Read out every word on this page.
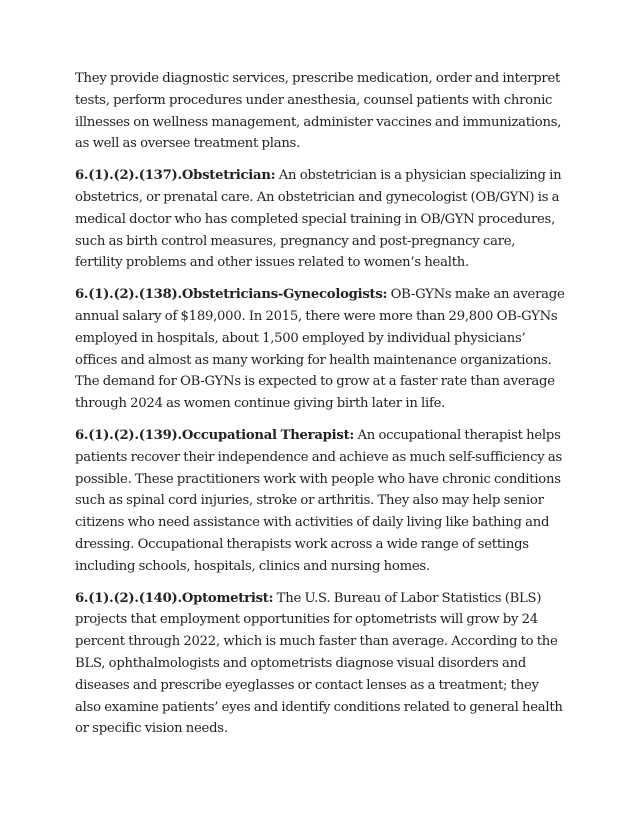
They provide diagnostic services, prescribe medication, order and interpret tests, perform procedures under anesthesia, counsel patients with chronic illnesses on wellness management, administer vaccines and immunizations, as well as oversee treatment plans.

6.(1).(2).(137).Obstetrician: An obstetrician is a physician specializing in obstetrics, or prenatal care. An obstetrician and gynecologist (OB/GYN) is a medical doctor who has completed special training in OB/GYN procedures, such as birth control measures, pregnancy and post-pregnancy care, fertility problems and other issues related to women’s health.

6.(1).(2).(138).Obstetricians-Gynecologists: OB-GYNs make an average annual salary of $189,000. In 2015, there were more than 29,800 OB-GYNs employed in hospitals, about 1,500 employed by individual physicians’ offices and almost as many working for health maintenance organizations. The demand for OB-GYNs is expected to grow at a faster rate than average through 2024 as women continue giving birth later in life.

6.(1).(2).(139).Occupational Therapist: An occupational therapist helps patients recover their independence and achieve as much self-sufficiency as possible. These practitioners work with people who have chronic conditions such as spinal cord injuries, stroke or arthritis. They also may help senior citizens who need assistance with activities of daily living like bathing and dressing. Occupational therapists work across a wide range of settings including schools, hospitals, clinics and nursing homes.

6.(1).(2).(140).Optometrist: The U.S. Bureau of Labor Statistics (BLS) projects that employment opportunities for optometrists will grow by 24 percent through 2022, which is much faster than average. According to the BLS, ophthalmologists and optometrists diagnose visual disorders and diseases and prescribe eyeglasses or contact lenses as a treatment; they also examine patients’ eyes and identify conditions related to general health or specific vision needs.
